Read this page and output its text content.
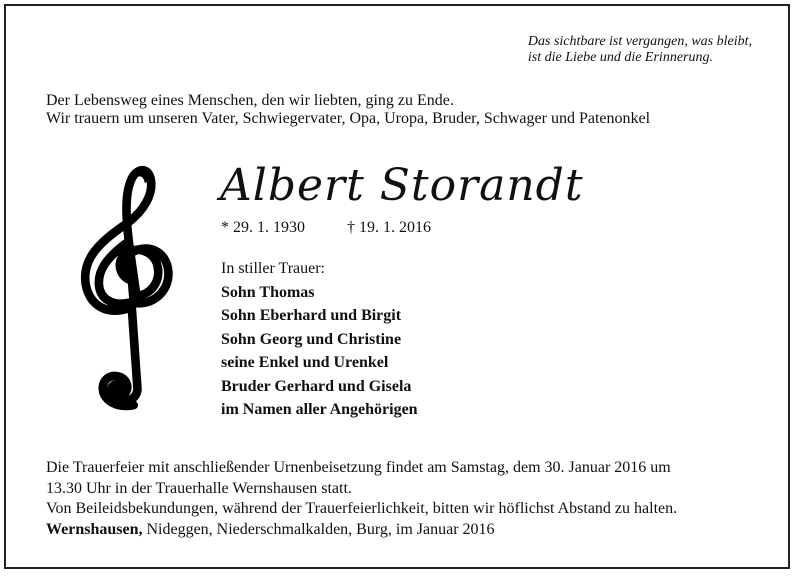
Das sichtbare ist vergangen, was bleibt,
ist die Liebe und die Erinnerung.
Der Lebensweg eines Menschen, den wir liebten, ging zu Ende.
Wir trauern um unseren Vater, Schwiegervater, Opa, Uropa, Bruder, Schwager und Patenonkel
Albert Storandt
* 29. 1. 1930	† 19. 1. 2016
In stiller Trauer:
Sohn Thomas
Sohn Eberhard und Birgit
Sohn Georg und Christine
seine Enkel und Urenkel
Bruder Gerhard und Gisela
im Namen aller Angehörigen
Die Trauerfeier mit anschließender Urnenbeisetzung findet am Samstag, dem 30. Januar 2016 um
13.30 Uhr in der Trauerhalle Wernshausen statt.
Von Beileidsbekundungen, während der Trauerfeierlichkeit, bitten wir höflichst Abstand zu halten.
Wernshausen, Nideggen, Niederschmalkalden, Burg, im Januar 2016
